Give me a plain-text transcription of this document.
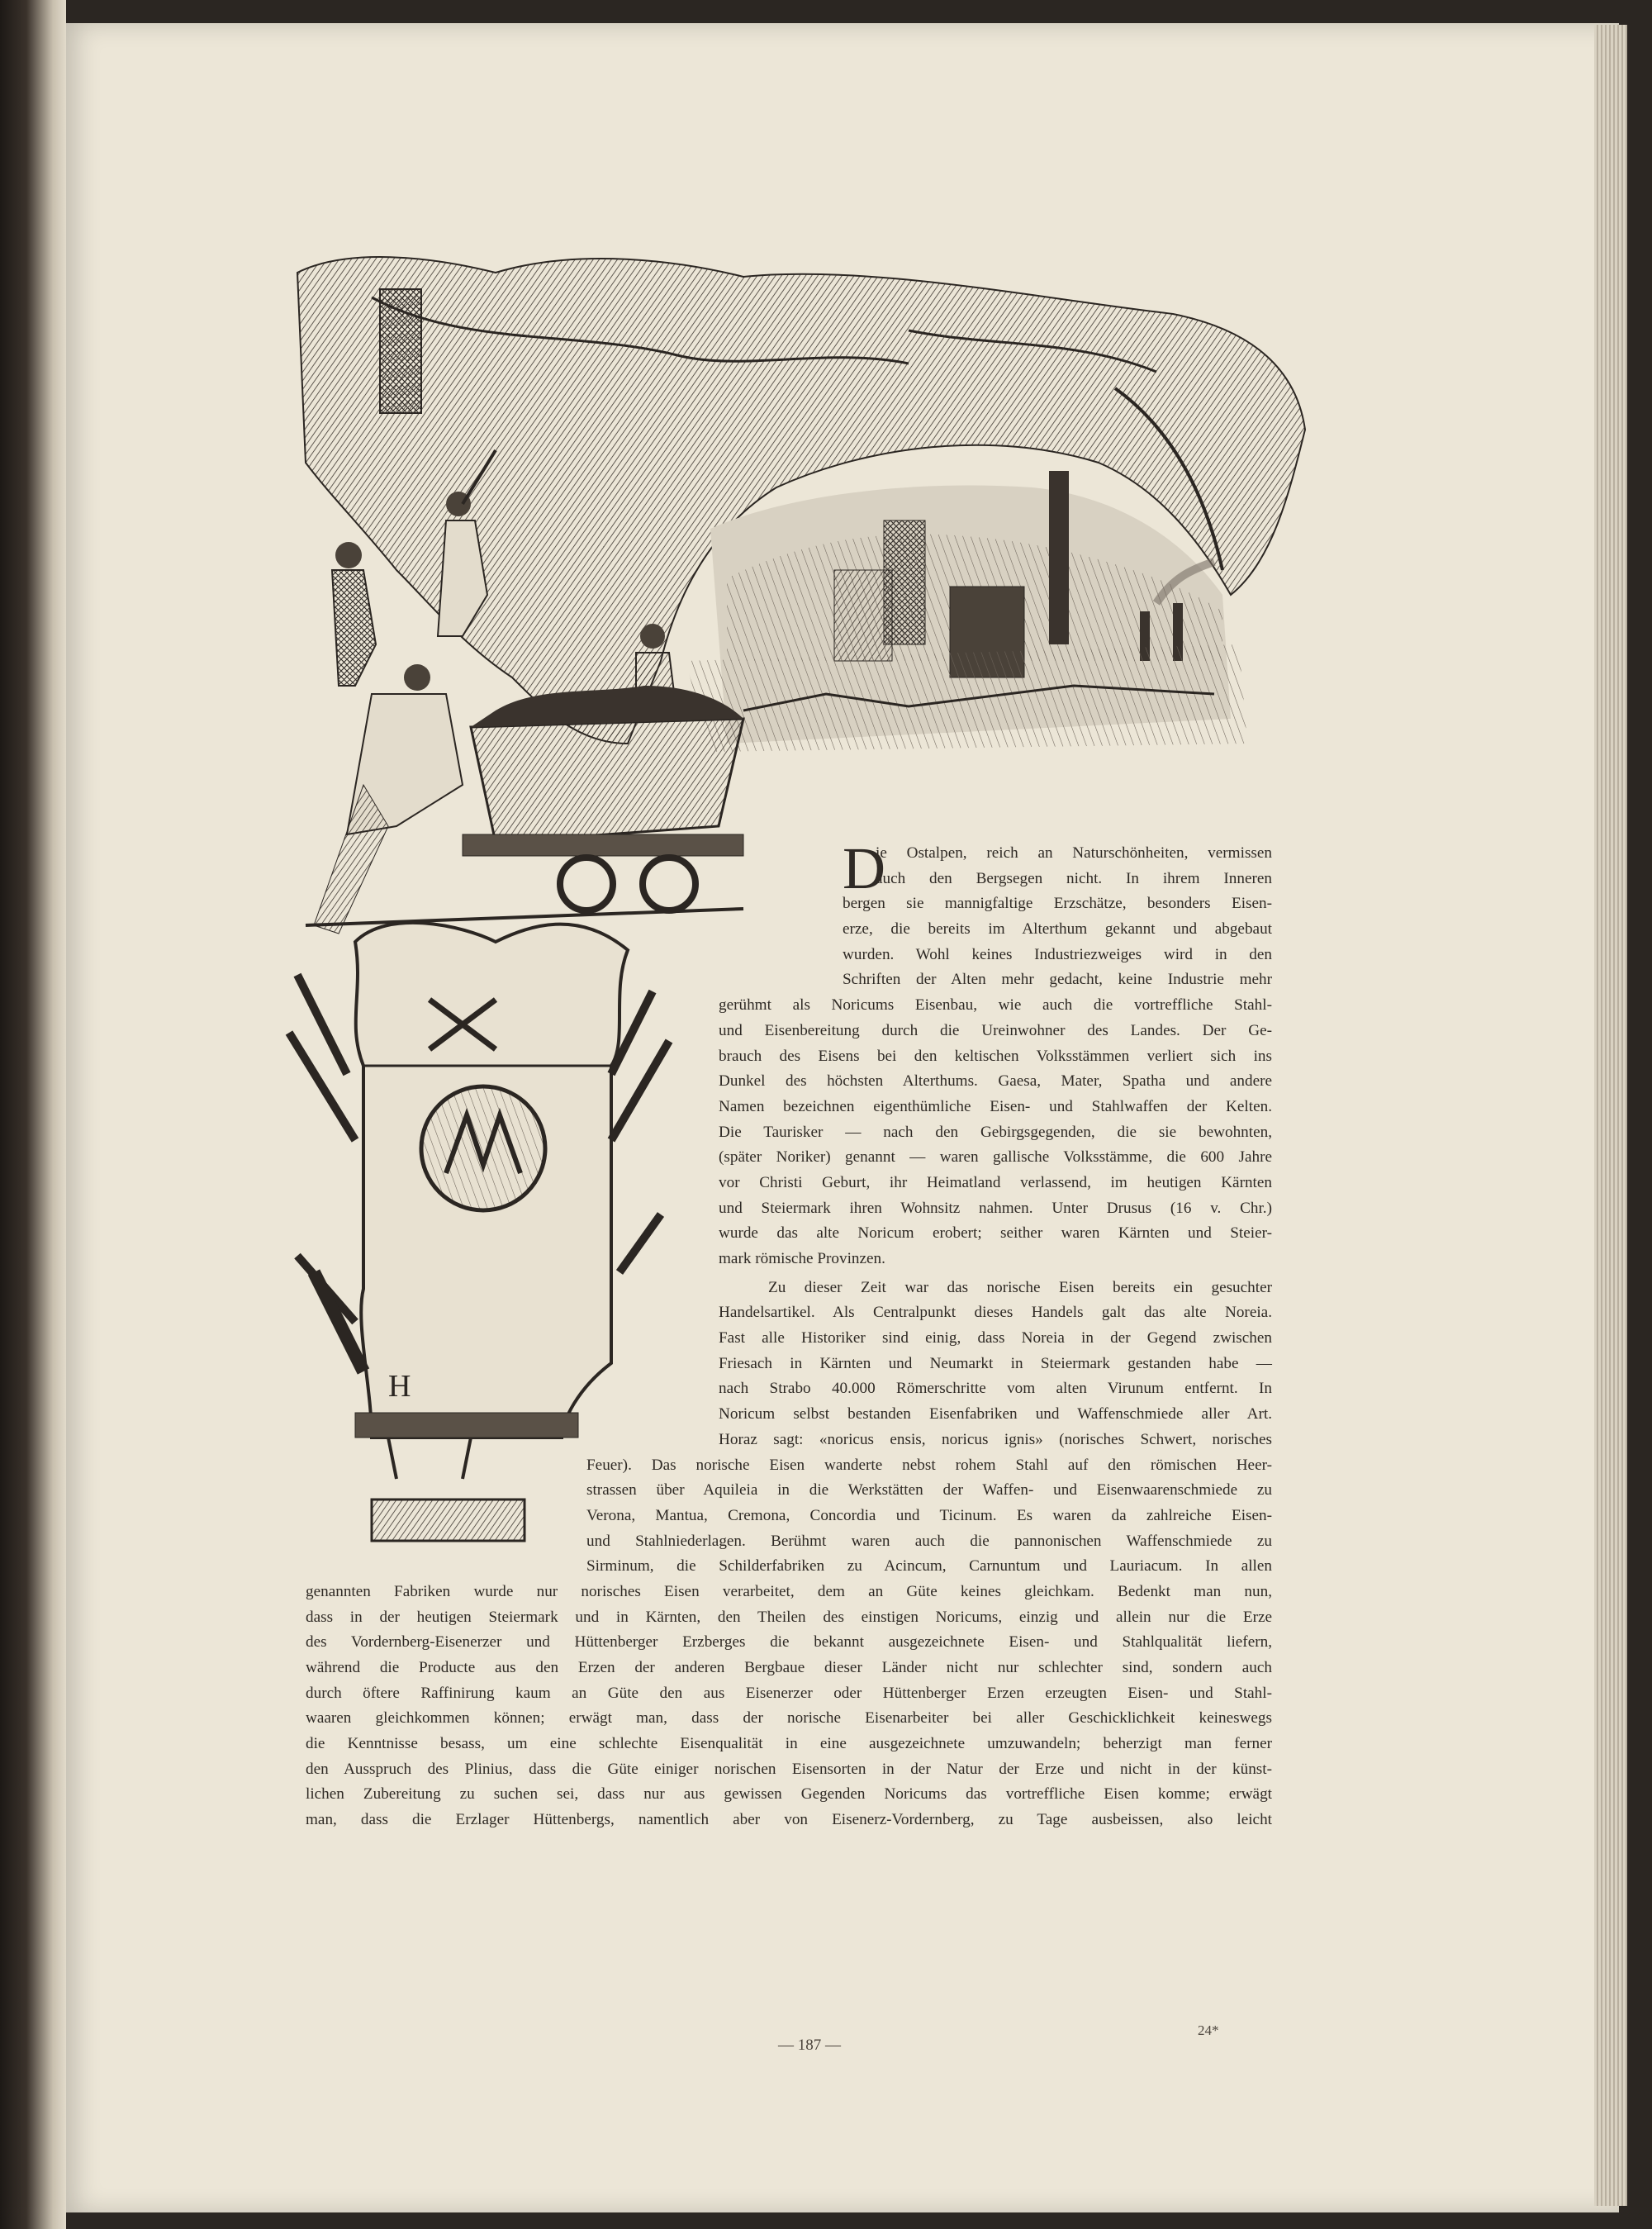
H
D
ie Ostalpen, reich an Naturschönheiten, vermissen
auch den Bergsegen nicht. In ihrem Inneren
bergen sie mannigfaltige Erzschätze, besonders Eisen-
erze, die bereits im Alterthum gekannt und abgebaut
wurden. Wohl keines Industriezweiges wird in den
Schriften der Alten mehr gedacht, keine Industrie mehr
gerühmt als Noricums Eisenbau, wie auch die vortreffliche Stahl-
und Eisenbereitung durch die Ureinwohner des Landes. Der Ge-
brauch des Eisens bei den keltischen Volksstämmen verliert sich ins
Dunkel des höchsten Alterthums. Gaesa, Mater, Spatha und andere
Namen bezeichnen eigenthümliche Eisen- und Stahlwaffen der Kelten.
Die Taurisker — nach den Gebirgsgegenden, die sie bewohnten,
(später Noriker) genannt — waren gallische Volksstämme, die 600 Jahre
vor Christi Geburt, ihr Heimatland verlassend, im heutigen Kärnten
und Steiermark ihren Wohnsitz nahmen. Unter Drusus (16 v. Chr.)
wurde das alte Noricum erobert; seither waren Kärnten und Steier-
mark römische Provinzen.
Zu dieser Zeit war das norische Eisen bereits ein gesuchter
Handelsartikel. Als Centralpunkt dieses Handels galt das alte Noreia.
Fast alle Historiker sind einig, dass Noreia in der Gegend zwischen
Friesach in Kärnten und Neumarkt in Steiermark gestanden habe —
nach Strabo 40.000 Römerschritte vom alten Virunum entfernt. In
Noricum selbst bestanden Eisenfabriken und Waffenschmiede aller Art.
Horaz sagt: «noricus ensis, noricus ignis» (norisches Schwert, norisches
Feuer). Das norische Eisen wanderte nebst rohem Stahl auf den römischen Heer-
strassen über Aquileia in die Werkstätten der Waffen- und Eisenwaarenschmiede zu
Verona, Mantua, Cremona, Concordia und Ticinum. Es waren da zahlreiche Eisen-
und Stahlniederlagen. Berühmt waren auch die pannonischen Waffenschmiede zu
Sirminum, die Schilderfabriken zu Acincum, Carnuntum und Lauriacum. In allen
genannten Fabriken wurde nur norisches Eisen verarbeitet, dem an Güte keines gleichkam. Bedenkt man nun,
dass in der heutigen Steiermark und in Kärnten, den Theilen des einstigen Noricums, einzig und allein nur die Erze
des Vordernberg-Eisenerzer und Hüttenberger Erzberges die bekannt ausgezeichnete Eisen- und Stahlqualität liefern,
während die Producte aus den Erzen der anderen Bergbaue dieser Länder nicht nur schlechter sind, sondern auch
durch öftere Raffinirung kaum an Güte den aus Eisenerzer oder Hüttenberger Erzen erzeugten Eisen- und Stahl-
waaren gleichkommen können; erwägt man, dass der norische Eisenarbeiter bei aller Geschicklichkeit keineswegs
die Kenntnisse besass, um eine schlechte Eisenqualität in eine ausgezeichnete umzuwandeln; beherzigt man ferner
den Ausspruch des Plinius, dass die Güte einiger norischen Eisensorten in der Natur der Erze und nicht in der künst-
lichen Zubereitung zu suchen sei, dass nur aus gewissen Gegenden Noricums das vortreffliche Eisen komme; erwägt
man, dass die Erzlager Hüttenbergs, namentlich aber von Eisenerz-Vordernberg, zu Tage ausbeissen, also leicht
— 187 —
24*
